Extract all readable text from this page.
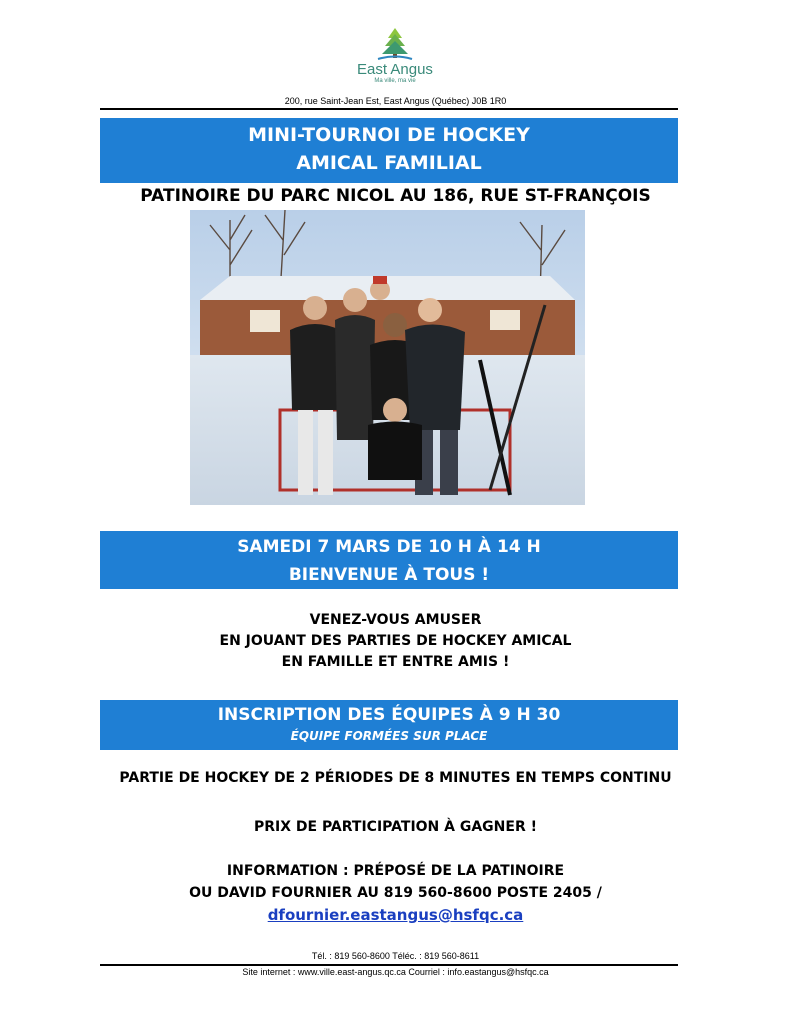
East Angus
Ma ville, ma vie
200, rue Saint-Jean Est, East Angus (Québec) J0B 1R0
MINI-TOURNOI DE HOCKEY
AMICAL FAMILIAL
PATINOIRE DU PARC NICOL AU 186, RUE ST-FRANÇOIS
SAMEDI 7 MARS DE 10 H À 14 H
BIENVENUE À TOUS !
VENEZ-VOUS AMUSER
EN JOUANT DES PARTIES DE HOCKEY AMICAL
EN FAMILLE ET ENTRE AMIS !
INSCRIPTION DES ÉQUIPES À 9 H 30
ÉQUIPE FORMÉES SUR PLACE
PARTIE DE HOCKEY DE 2 PÉRIODES DE 8 MINUTES EN TEMPS CONTINU
PRIX DE PARTICIPATION À GAGNER !
INFORMATION : PRÉPOSÉ DE LA PATINOIRE
OU DAVID FOURNIER AU 819 560-8600 POSTE 2405 /
dfournier.eastangus@hsfqc.ca
Tél. : 819 560-8600 Téléc. : 819 560-8611
Site internet : www.ville.east-angus.qc.ca Courriel : info.eastangus@hsfqc.ca
